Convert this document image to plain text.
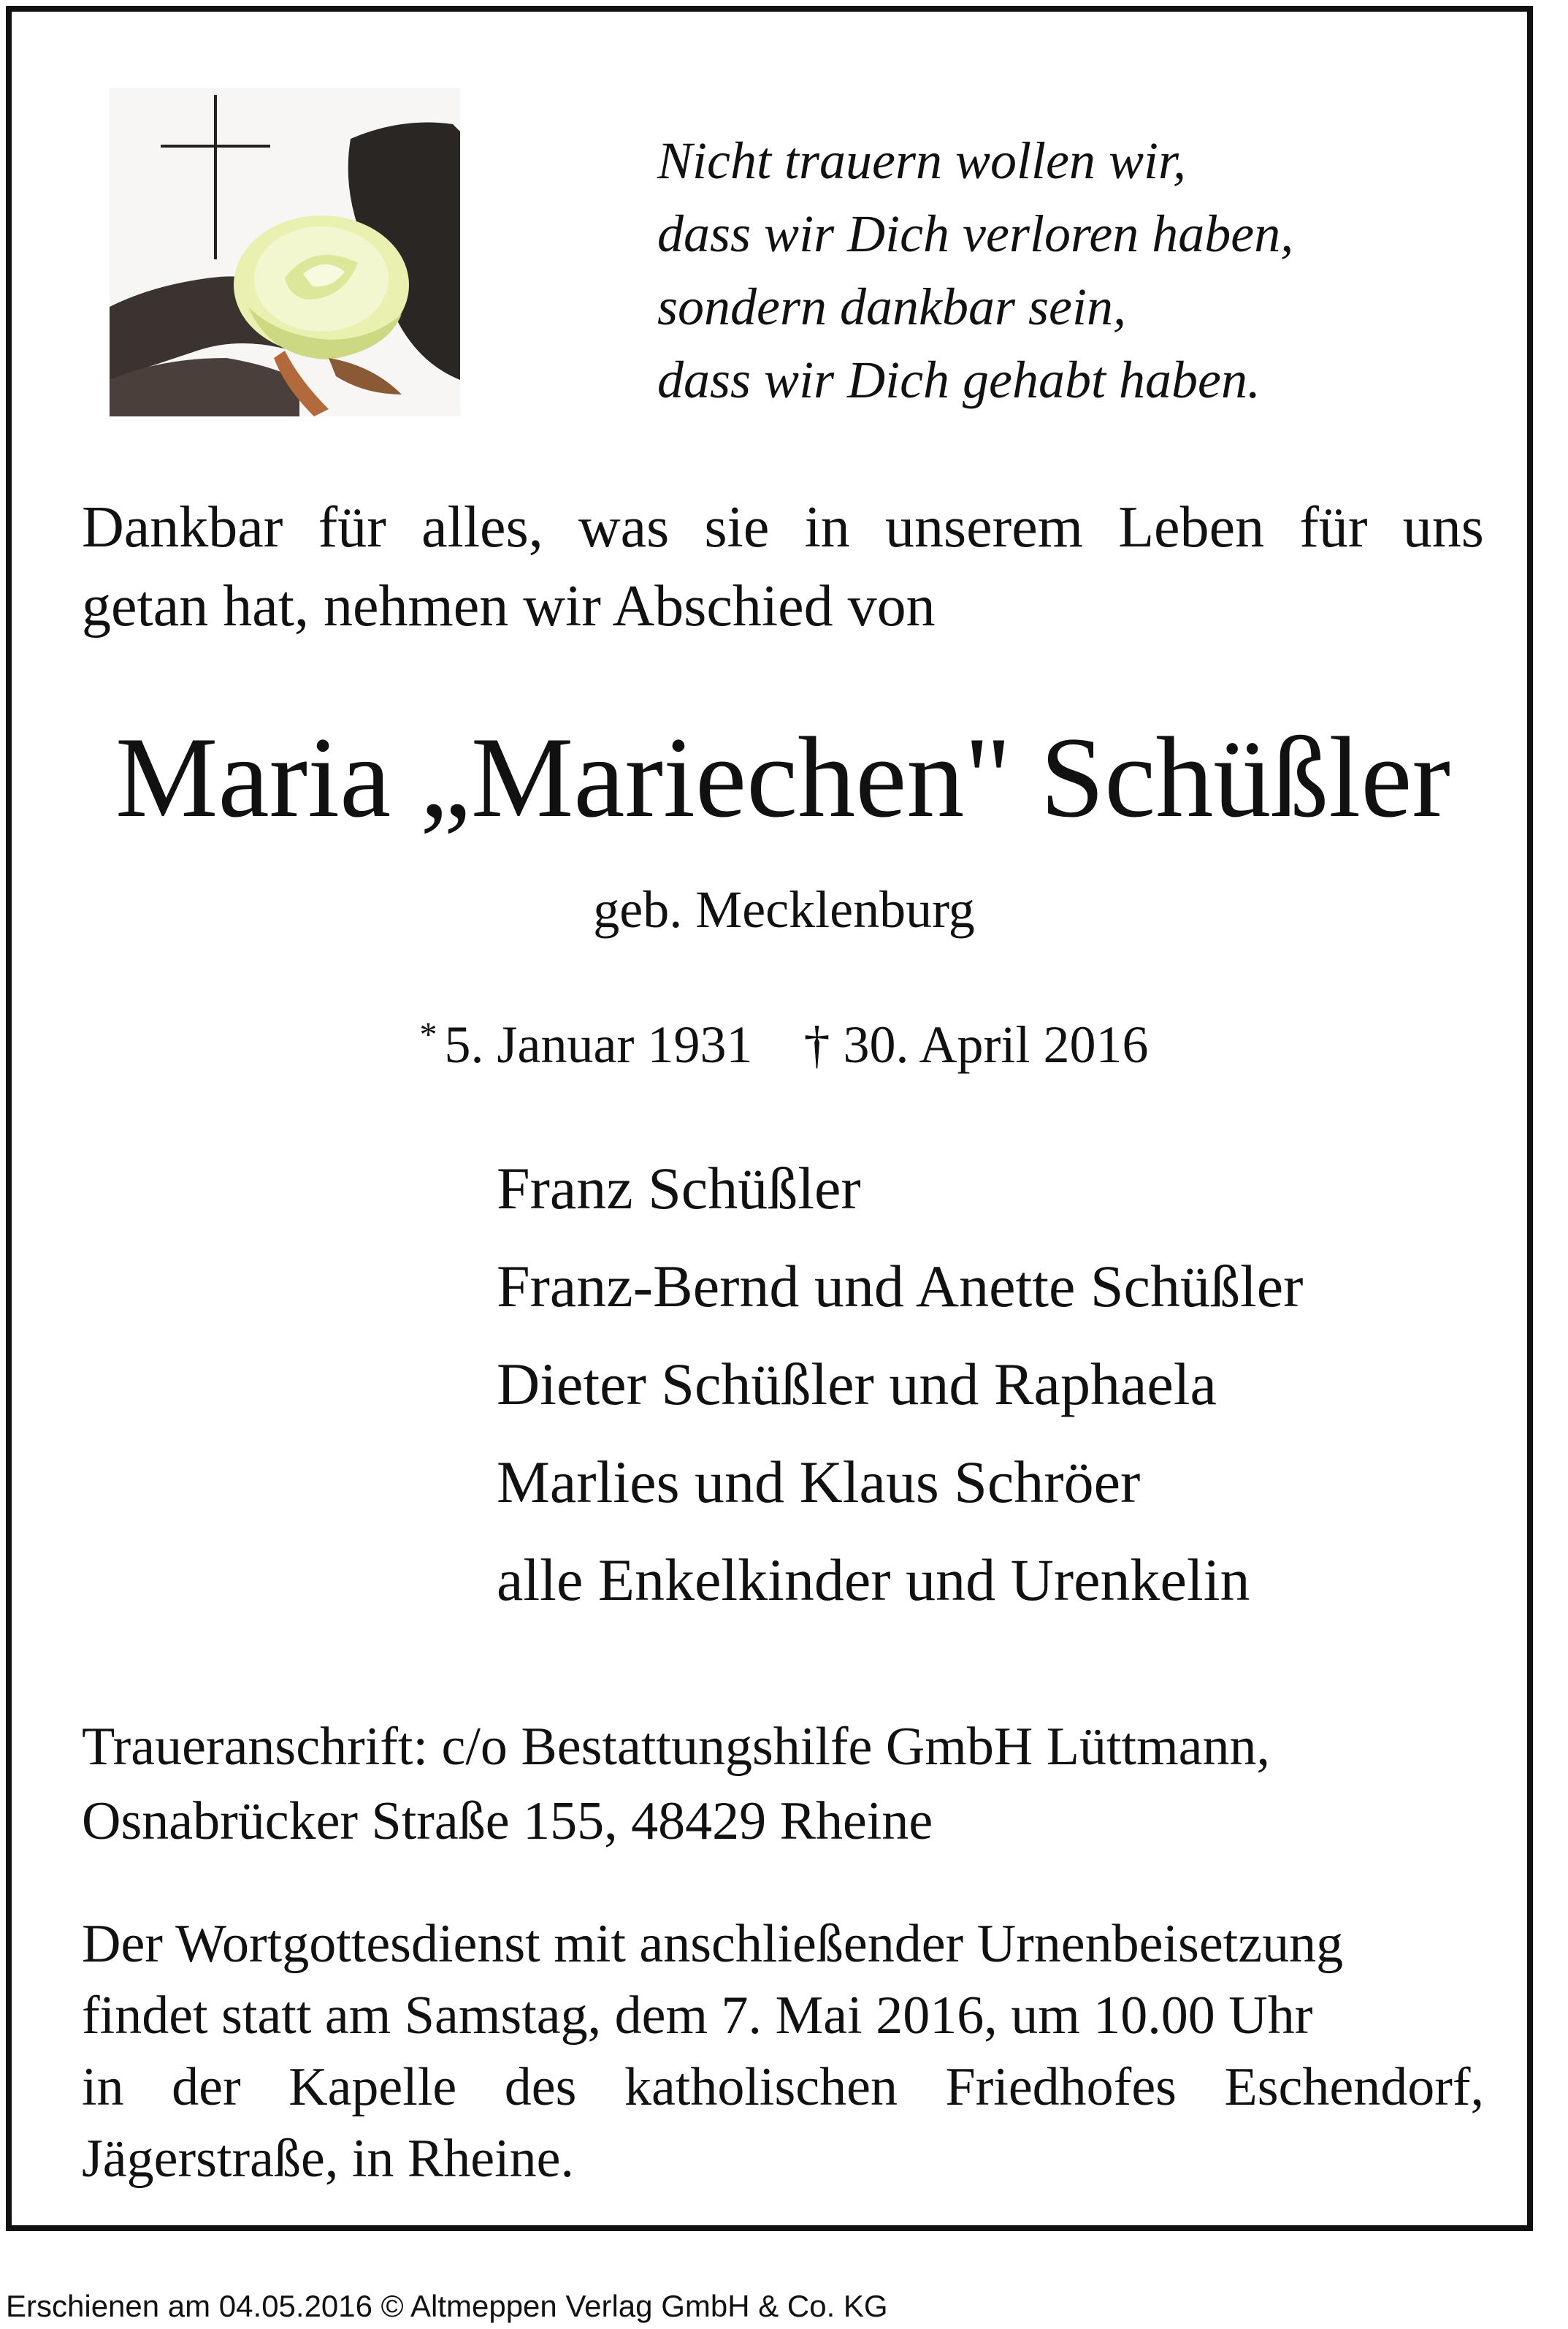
Nicht trauern wollen wir,
dass wir Dich verloren haben,
sondern dankbar sein,
dass wir Dich gehabt haben.
Dankbar für alles, was sie in unserem Leben für uns
getan hat, nehmen wir Abschied von
Maria „Mariechen" Schüßler
geb. Mecklenburg
* 5. Januar 1931 † 30. April 2016
Franz Schüßler
Franz-Bernd und Anette Schüßler
Dieter Schüßler und Raphaela
Marlies und Klaus Schröer
alle Enkelkinder und Urenkelin
Traueranschrift: c/o Bestattungshilfe GmbH Lüttmann,
Osnabrücker Straße 155, 48429 Rheine
Der Wortgottesdienst mit anschließender Urnenbeisetzung
findet statt am Samstag, dem 7. Mai 2016, um 10.00 Uhr
in der Kapelle des katholischen Friedhofes Eschendorf,
Jägerstraße, in Rheine.
Erschienen am 04.05.2016 © Altmeppen Verlag GmbH & Co. KG
